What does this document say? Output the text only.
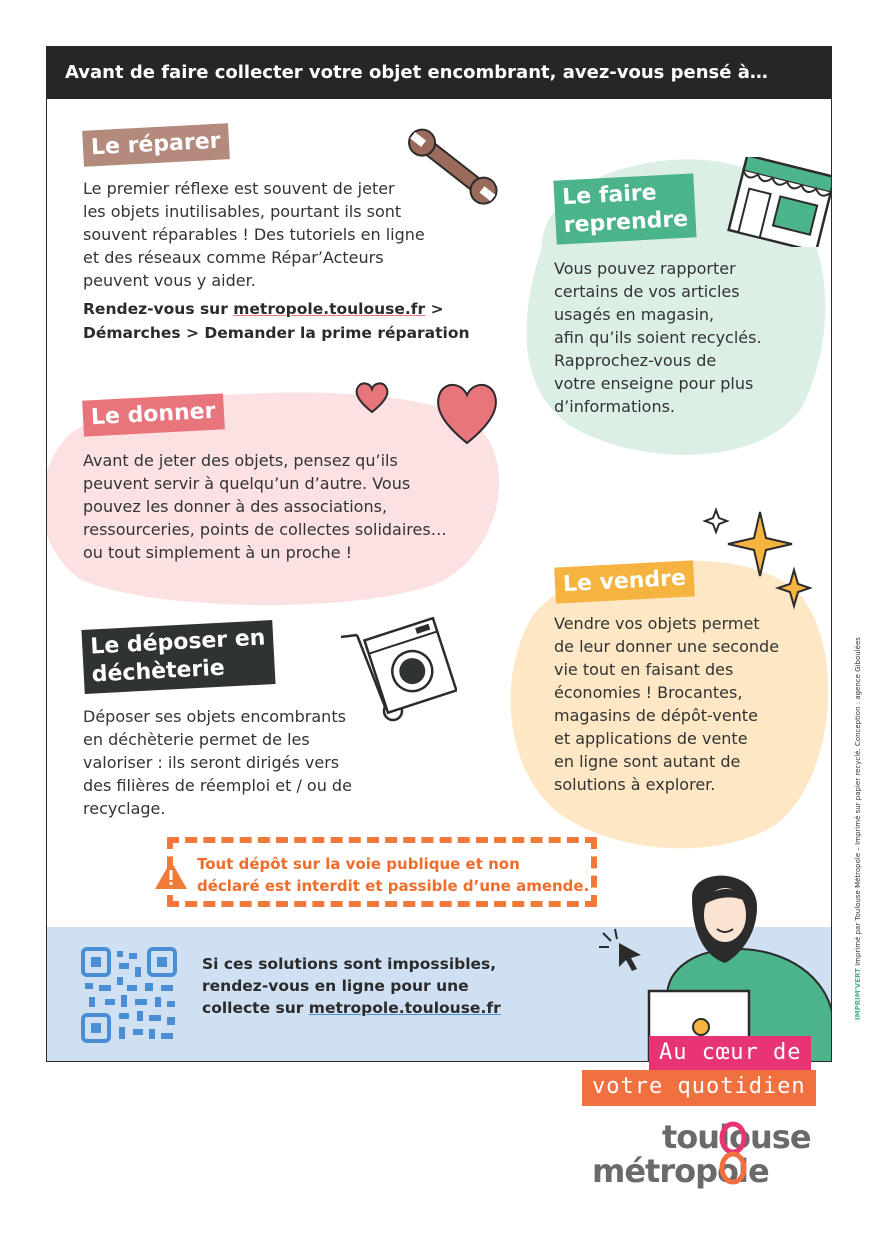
Avant de faire collecter votre objet encombrant, avez-vous pensé à…
Le réparer
Le premier réflexe est souvent de jeter
les objets inutilisables, pourtant ils sont
souvent réparables ! Des tutoriels en ligne
et des réseaux comme Répar’Acteurs
peuvent vous y aider.
Rendez-vous sur metropole.toulouse.fr >
Démarches > Demander la prime réparation
Le faire
reprendre
Vous pouvez rapporter
certains de vos articles
usagés en magasin,
afin qu’ils soient recyclés.
Rapprochez-vous de
votre enseigne pour plus
d’informations.
Le donner
Avant de jeter des objets, pensez qu’ils
peuvent servir à quelqu’un d’autre. Vous
pouvez les donner à des associations,
ressourceries, points de collectes solidaires…
ou tout simplement à un proche !
Le vendre
Vendre vos objets permet
de leur donner une seconde
vie tout en faisant des
économies ! Brocantes,
magasins de dépôt-vente
et applications de vente
en ligne sont autant de
solutions à explorer.
Le déposer en
déchèterie
Déposer ses objets encombrants
en déchèterie permet de les
valoriser : ils seront dirigés vers
des filières de réemploi et / ou de
recyclage.
Tout dépôt sur la voie publique et non
déclaré est interdit et passible d’une amende.
Si ces solutions sont impossibles,
rendez-vous en ligne pour une
collecte sur metropole.toulouse.fr
Au cœur de
votre quotidien
toulouse
métropole
IMPRIM'VERT Imprimé par Toulouse Métropole – Imprimé sur papier recyclé. Conception : agence Giboulées
